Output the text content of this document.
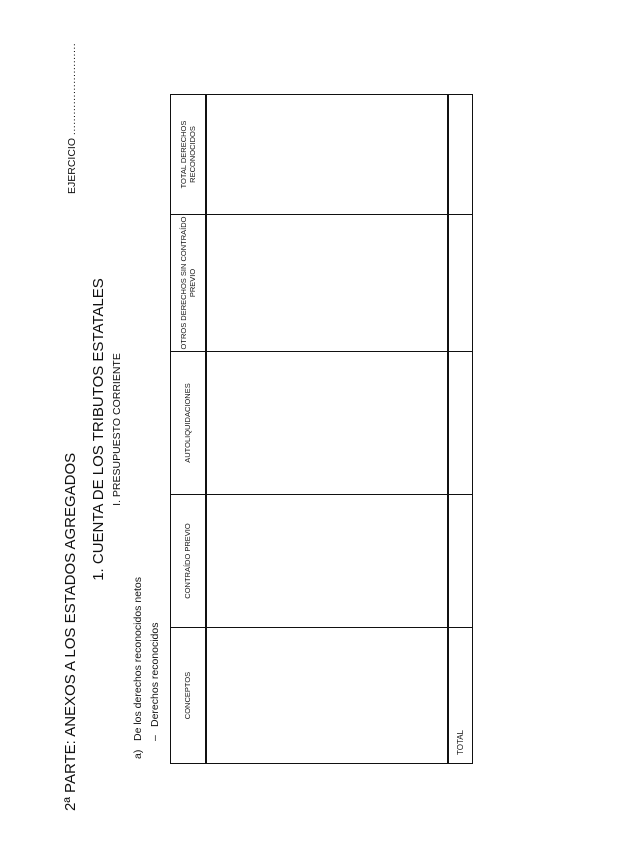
2ª PARTE: ANEXOS A LOS ESTADOS AGREGADOS
EJERCICIO ...........................
1. CUENTA DE LOS TRIBUTOS ESTATALES I. PRESUPUESTO CORRIENTE
a)
De los derechos reconocidos netos –
Derechos reconocidos	CONCEPTOS	CONTRAÍDO PREVIO	AUTOLIQUIDACIONES	OTROS DERECHOS SIN CONTRAÍDO PREVIO	TOTAL DERECHOS RECONOCIDOS

TOTAL				
